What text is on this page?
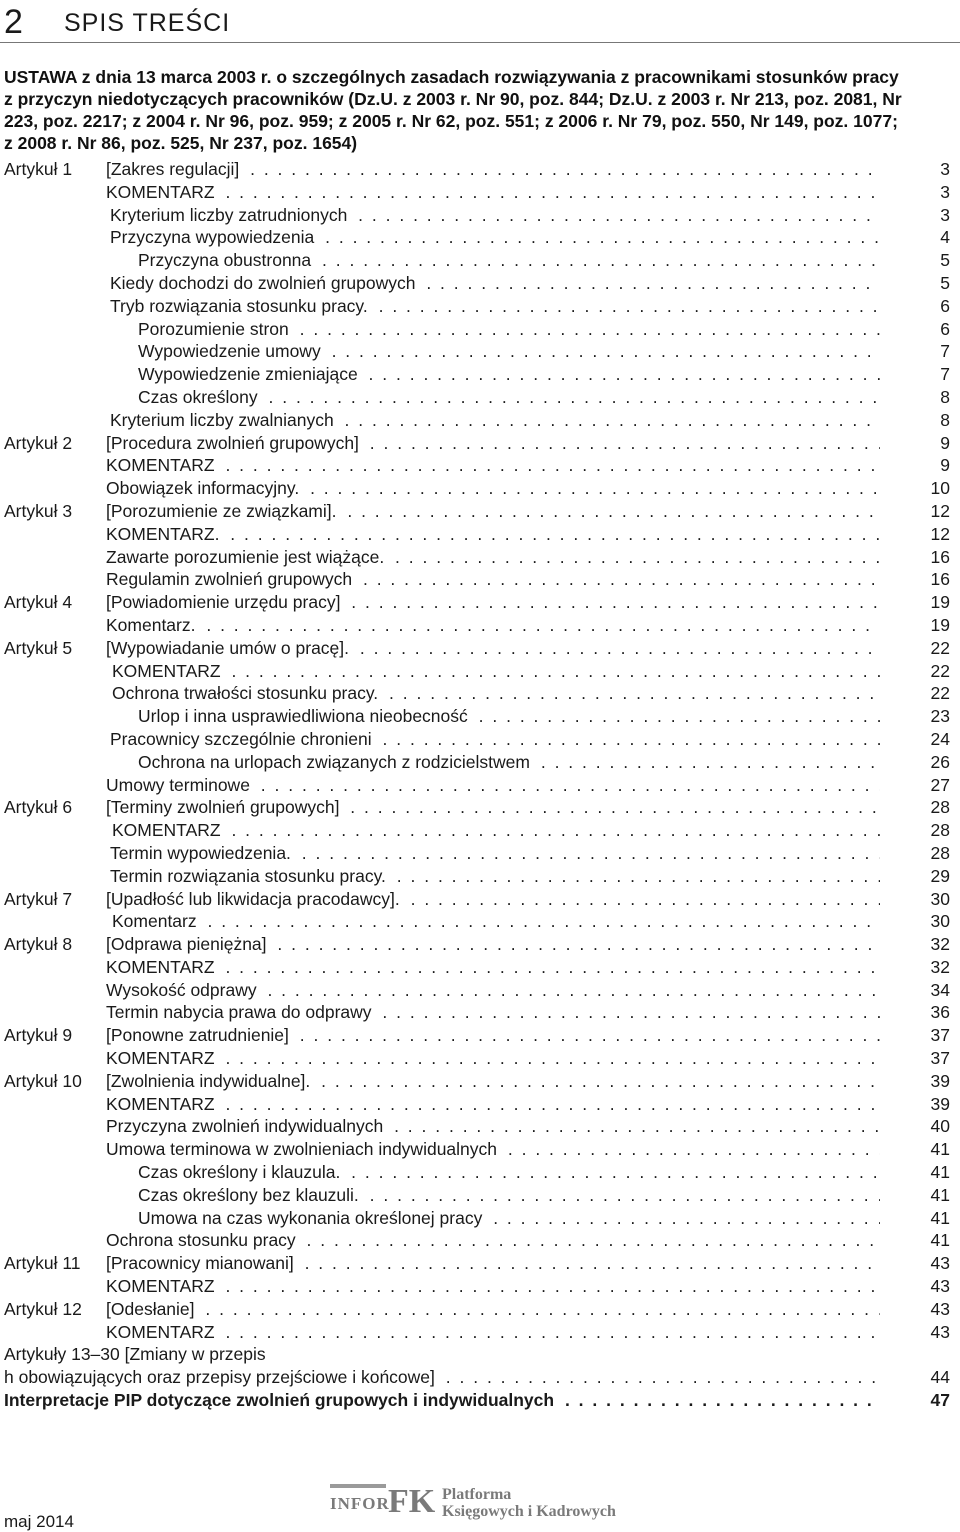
2 SPIS TREŚCI
USTAWA z dnia 13 marca 2003 r. o szczególnych zasadach rozwiązywania z pracownikami stosunków pracy z przyczyn niedotyczących pracowników (Dz.U. z 2003 r. Nr 90, poz. 844; Dz.U. z 2003 r. Nr 213, poz. 2081, Nr 223, poz. 2217; z 2004 r. Nr 96, poz. 959; z 2005 r. Nr 62, poz. 551; z 2006 r. Nr 79, poz. 550, Nr 149, poz. 1077; z 2008 r. Nr 86, poz. 525, Nr 237, poz. 1654)
Artykuł 1 [Zakres regulacji] . . .	3
KOMENTARZ . . .	3
Kryterium liczby zatrudnionych . . .	3
Przyczyna wypowiedzenia . . .	4
Przyczyna obustronna . . .	5
Kiedy dochodzi do zwolnień grupowych . . .	5
Tryb rozwiązania stosunku pracy. . . .	6
Porozumienie stron . . .	6
Wypowiedzenie umowy . . .	7
Wypowiedzenie zmieniające . . .	7
Czas określony . . .	8
Kryterium liczby zwalnianych . . .	8
Artykuł 2 [Procedura zwolnień grupowych] . . .	9
KOMENTARZ . . .	9
Obowiązek informacyjny. . . .	10
Artykuł 3 [Porozumienie ze związkami]. . . .	12
KOMENTARZ. . . .	12
Zawarte porozumienie jest wiążące. . . .	16
Regulamin zwolnień grupowych . . .	16
Artykuł 4 [Powiadomienie urzędu pracy] . . .	19
Komentarz. . . .	19
Artykuł 5 [Wypowiadanie umów o pracę]. . . .	22
KOMENTARZ . . .	22
Ochrona trwałości stosunku pracy. . . .	22
Urlop i inna usprawiedliwiona nieobecność . . .	23
Pracownicy szczególnie chronieni . . .	24
Ochrona na urlopach związanych z rodzicielstwem . . .	26
Umowy terminowe . . .	27
Artykuł 6 [Terminy zwolnień grupowych] . . .	28
KOMENTARZ . . .	28
Termin wypowiedzenia. . . .	28
Termin rozwiązania stosunku pracy. . . .	29
Artykuł 7 [Upadłość lub likwidacja pracodawcy]. . . .	30
Komentarz . . .	30
Artykuł 8 [Odprawa pieniężna] . . .	32
KOMENTARZ . . .	32
Wysokość odprawy . . .	34
Termin nabycia prawa do odprawy . . .	36
Artykuł 9 [Ponowne zatrudnienie] . . .	37
KOMENTARZ . . .	37
Artykuł 10 [Zwolnienia indywidualne]. . . .	39
KOMENTARZ . . .	39
Przyczyna zwolnień indywidualnych . . .	40
Umowa terminowa w zwolnieniach indywidualnych . . .	41
Czas określony i klauzula. . . .	41
Czas określony bez klauzuli. . . .	41
Umowa na czas wykonania określonej pracy . . .	41
Ochrona stosunku pracy . . .	41
Artykuł 11 [Pracownicy mianowani] . . .	43
KOMENTARZ . . .	43
Artykuł 12 [Odesłanie] . . .	43
KOMENTARZ . . .	43
Artykuły 13–30 [Zmiany w przepis
h obowiązujących oraz przepisy przejściowe i końcowe] . . .	44
Interpretacje PIP dotyczące zwolnień grupowych i indywidualnych . . .	47
maj 2014
INFOR
FK Platforma
Księgowych i Kadrowych
